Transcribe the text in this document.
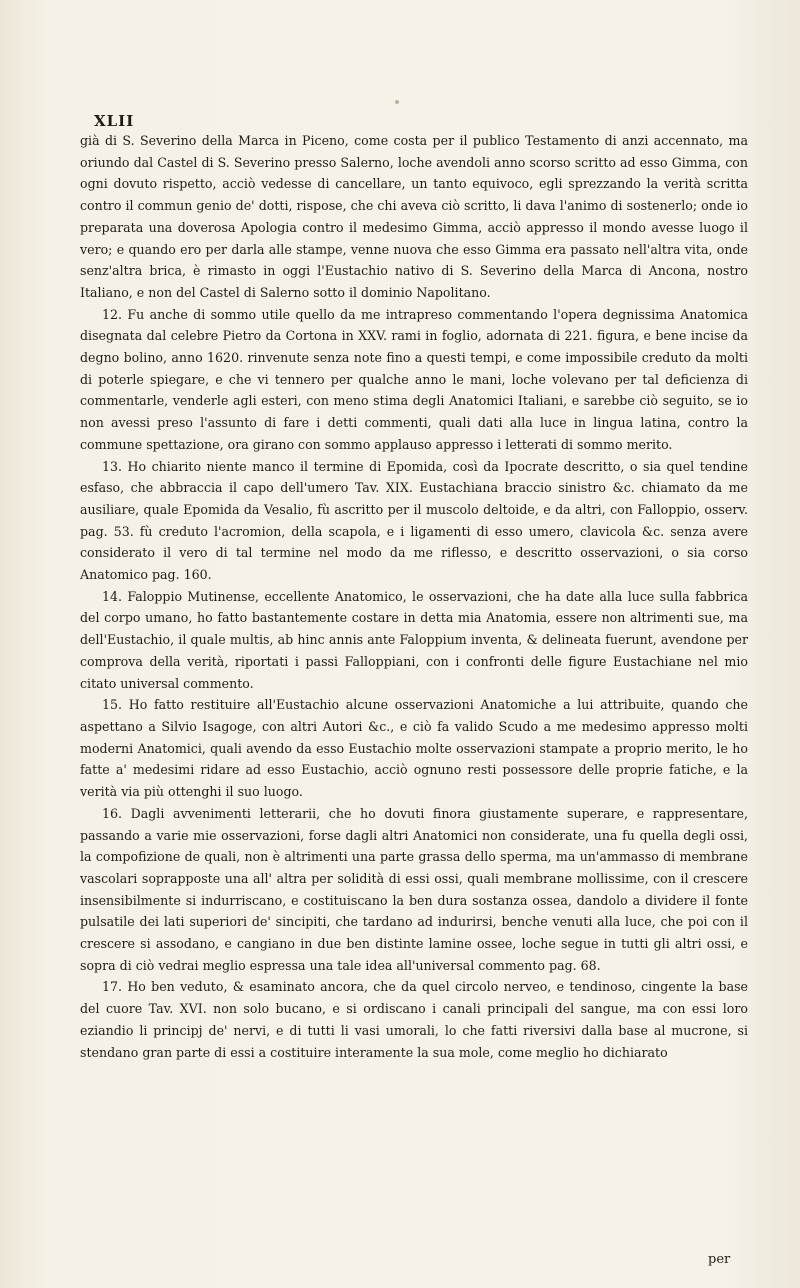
XLII

già di S. Severino della Marca in Piceno, come costa per il publico Testamento di anzi accennato, ma oriundo dal Castel di S. Severino presso Salerno, loche avendoli anno scorso scritto ad esso Gimma, con ogni dovuto rispetto, acciò vedesse di cancellare, un tanto equivoco, egli sprezzando la verità scritta contro il commun genio de' dotti, rispose, che chi aveva ciò scritto, li dava l'animo di sostenerlo; onde io preparata una doverosa Apologia contro il medesimo Gimma, acciò appresso il mondo avesse luogo il vero; e quando ero per darla alle stampe, venne nuova che esso Gimma era passato nell'altra vita, onde senz'altra brica, è rimasto in oggi l'Eustachio nativo di S. Severino della Marca di Ancona, nostro Italiano, e non del Castel di Salerno sotto il dominio Napolitano.

12. Fu anche di sommo utile quello da me intrapreso commentando l'opera degnissima Anatomica disegnata dal celebre Pietro da Cortona in XXV. rami in foglio, adornata di 221. figura, e bene incise da degno bolino, anno 1620. rinvenute senza note fino a questi tempi, e come impossibile creduto da molti di poterle spiegare, e che vi tennero per qualche anno le mani, loche volevano per tal deficienza di commentarle, venderle agli esteri, con meno stima degli Anatomici Italiani, e sarebbe ciò seguito, se io non avessi preso l'assunto di fare i detti commenti, quali dati alla luce in lingua latina, contro la commune spettazione, ora girano con sommo applauso appresso i letterati di sommo merito.

13. Ho chiarito niente manco il termine di Epomida, così da Ipocrate descritto, o sia quel tendine esfaso, che abbraccia il capo dell'umero Tav. XIX. Eustachiana braccio sinistro &c. chiamato da me ausiliare, quale Epomida da Vesalio, fù ascritto per il muscolo deltoide, e da altri, con Falloppio, osserv. pag. 53. fù creduto l'acromion, della scapola, e i ligamenti di esso umero, clavicola &c. senza avere considerato il vero di tal termine nel modo da me riflesso, e descritto osservazioni, o sia corso Anatomico pag. 160.

14. Faloppio Mutinense, eccellente Anatomico, le osservazioni, che ha date alla luce sulla fabbrica del corpo umano, ho fatto bastantemente costare in detta mia Anatomia, essere non altrimenti sue, ma dell'Eustachio, il quale multis, ab hinc annis ante Faloppium inventa, & delineata fuerunt, avendone per comprova della verità, riportati i passi Falloppiani, con i confronti delle figure Eustachiane nel mio citato universal commento.

15. Ho fatto restituire all'Eustachio alcune osservazioni Anatomiche a lui attribuite, quando che aspettano a Silvio Isagoge, con altri Autori &c., e ciò fa valido Scudo a me medesimo appresso molti moderni Anatomici, quali avendo da esso Eustachio molte osservazioni stampate a proprio merito, le ho fatte a' medesimi ridare ad esso Eustachio, acciò ognuno resti possessore delle proprie fatiche, e la verità via più ottenghi il suo luogo.

16. Dagli avvenimenti letterarii, che ho dovuti finora giustamente superare, e rappresentare, passando a varie mie osservazioni, forse dagli altri Anatomici non considerate, una fu quella degli ossi, la compofizione de quali, non è altrimenti una parte grassa dello sperma, ma un'ammasso di membrane vascolari soprapposte una all' altra per solidità di essi ossi, quali membrane mollissime, con il crescere insensibilmente si indurriscano, e costituiscano la ben dura sostanza ossea, dandolo a dividere il fonte pulsatile dei lati superiori de' sincipiti, che tardano ad indurirsi, benche venuti alla luce, che poi con il crescere si assodano, e cangiano in due ben distinte lamine ossee, loche segue in tutti gli altri ossi, e sopra di ciò vedrai meglio espressa una tale idea all'universal commento pag. 68.

17. Ho ben veduto, & esaminato ancora, che da quel circolo nerveo, e tendinoso, cingente la base del cuore Tav. XVI. non solo bucano, e si ordiscano i canali principali del sangue, ma con essi loro eziandio li principj de' nervi, e di tutti li vasi umorali, lo che fatti riversivi dalla base al mucrone, si stendano gran parte di essi a costituire interamente la sua mole, come meglio ho dichiarato

per
